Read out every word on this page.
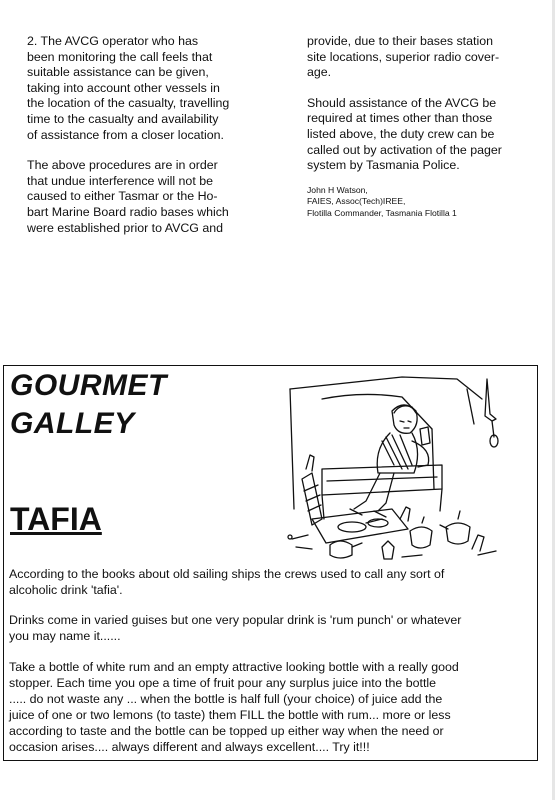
2. The AVCG operator who has
been monitoring the call feels that
suitable assistance can be given,
taking into account other vessels in
the location of the casualty, travelling
time to the casualty and availability
of assistance from a closer location.

The above procedures are in order
that undue interference will not be
caused to either Tasmar or the Ho-
bart Marine Board radio bases which
were established prior to AVCG and

provide, due to their bases station
site locations, superior radio cover-
age.

Should assistance of the AVCG be
required at times other than those
listed above, the duty crew can be
called out by activation of the pager
system by Tasmania Police.

John H Watson,
FAIES, Assoc(Tech)IREE,
Flotilla Commander, Tasmania Flotilla 1
GOURMET
GALLEY
TAFIA

According to the books about old sailing ships the crews used to call any sort of
alcoholic drink 'tafia'.

Drinks come in varied guises but one very popular drink is 'rum punch' or whatever
you may name it......

Take a bottle of white rum and an empty attractive looking bottle with a really good
stopper. Each time you ope a time of fruit pour any surplus juice into the bottle
..... do not waste any ... when the bottle is half full (your choice) of juice add the
juice of one or two lemons (to taste) them FILL the bottle with rum... more or less
according to taste and the bottle can be topped up either way when the need or
occasion arises.... always different and always excellent.... Try it!!!
